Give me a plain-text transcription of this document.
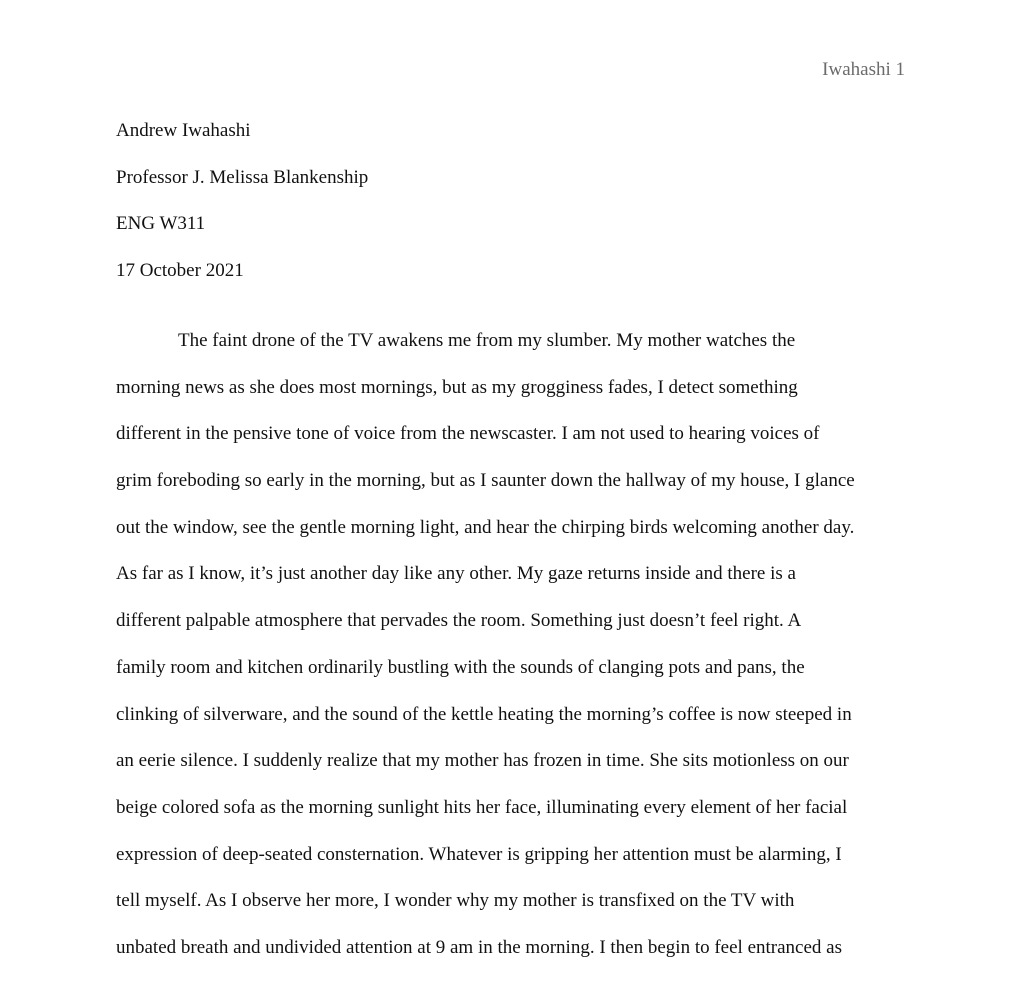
Iwahashi 1
Andrew Iwahashi
Professor J. Melissa Blankenship
ENG W311
17 October 2021
The faint drone of the TV awakens me from my slumber. My mother watches the
morning news as she does most mornings, but as my grogginess fades, I detect something
different in the pensive tone of voice from the newscaster. I am not used to hearing voices of
grim foreboding so early in the morning, but as I saunter down the hallway of my house, I glance
out the window, see the gentle morning light, and hear the chirping birds welcoming another day.
As far as I know, it’s just another day like any other. My gaze returns inside and there is a
different palpable atmosphere that pervades the room. Something just doesn’t feel right. A
family room and kitchen ordinarily bustling with the sounds of clanging pots and pans, the
clinking of silverware, and the sound of the kettle heating the morning’s coffee is now steeped in
an eerie silence. I suddenly realize that my mother has frozen in time. She sits motionless on our
beige colored sofa as the morning sunlight hits her face, illuminating every element of her facial
expression of deep-seated consternation. Whatever is gripping her attention must be alarming, I
tell myself. As I observe her more, I wonder why my mother is transfixed on the TV with
unbated breath and undivided attention at 9 am in the morning. I then begin to feel entranced as
